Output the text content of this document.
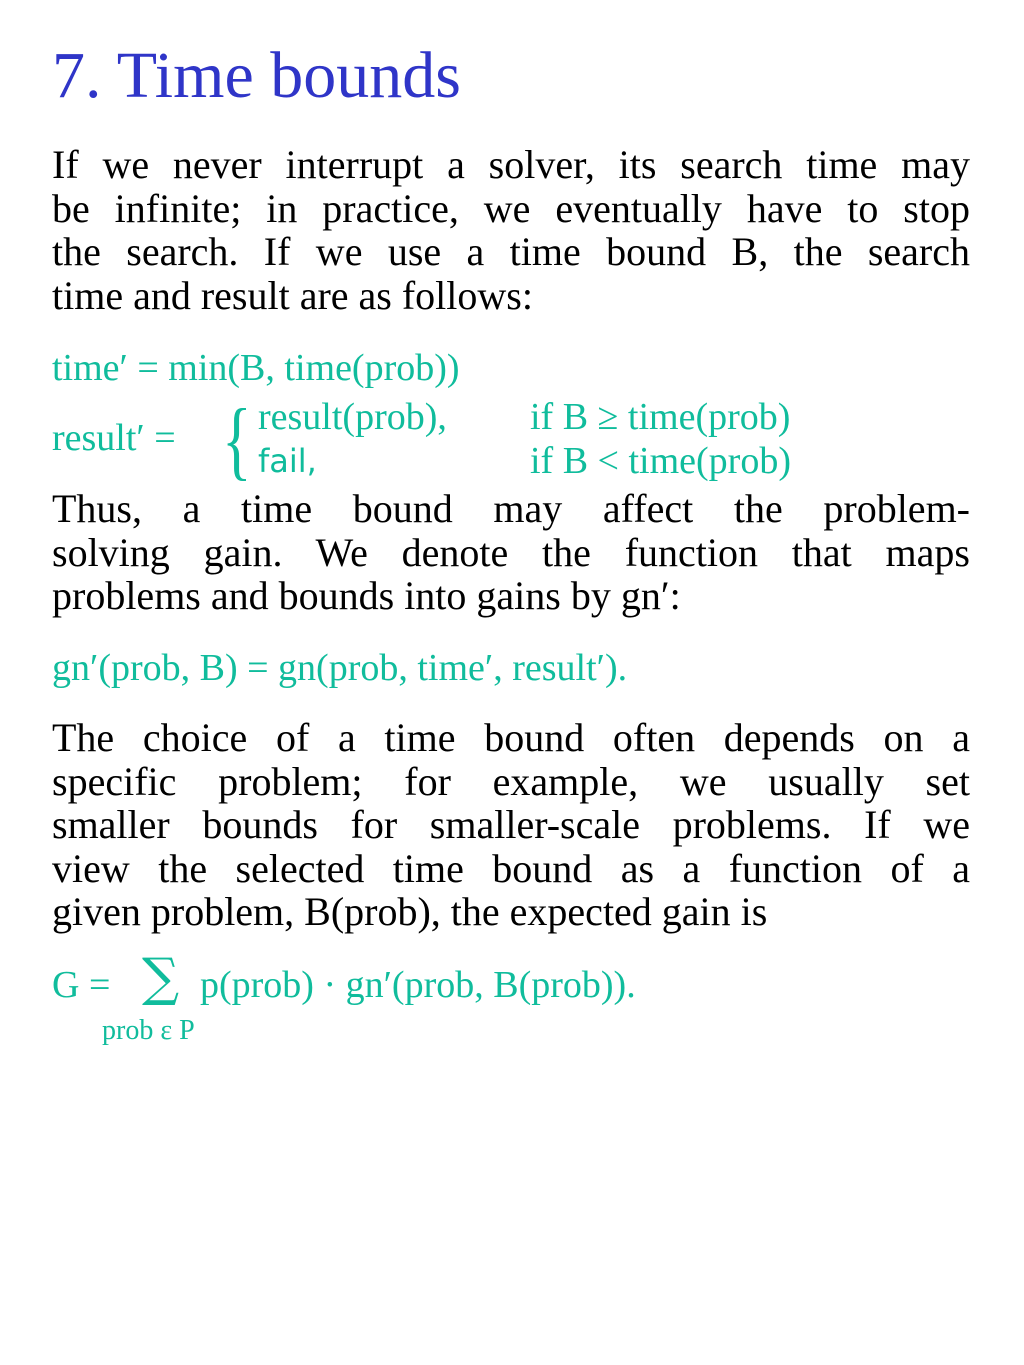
7. Time bounds
If we never interrupt a solver, its search time may
be infinite; in practice, we eventually have to stop
the search. If we use a time bound B, the search
time and result are as follows:
time′ = min(B, time(prob))
result′ = { result(prob), if B ≥ time(prob)
fail,	if B < time(prob)
Thus, a time bound may affect the problem-
solving gain. We denote the function that maps
problems and bounds into gains by gn′:
gn′(prob, B) = gn(prob, time′, result′).
The choice of a time bound often depends on a
specific problem; for example, we usually set
smaller bounds for smaller-scale problems. If we
view the selected time bound as a function of a
given problem, B(prob), the expected gain is
G = ∑ p(prob) · gn′(prob, B(prob)).
prob ε P
